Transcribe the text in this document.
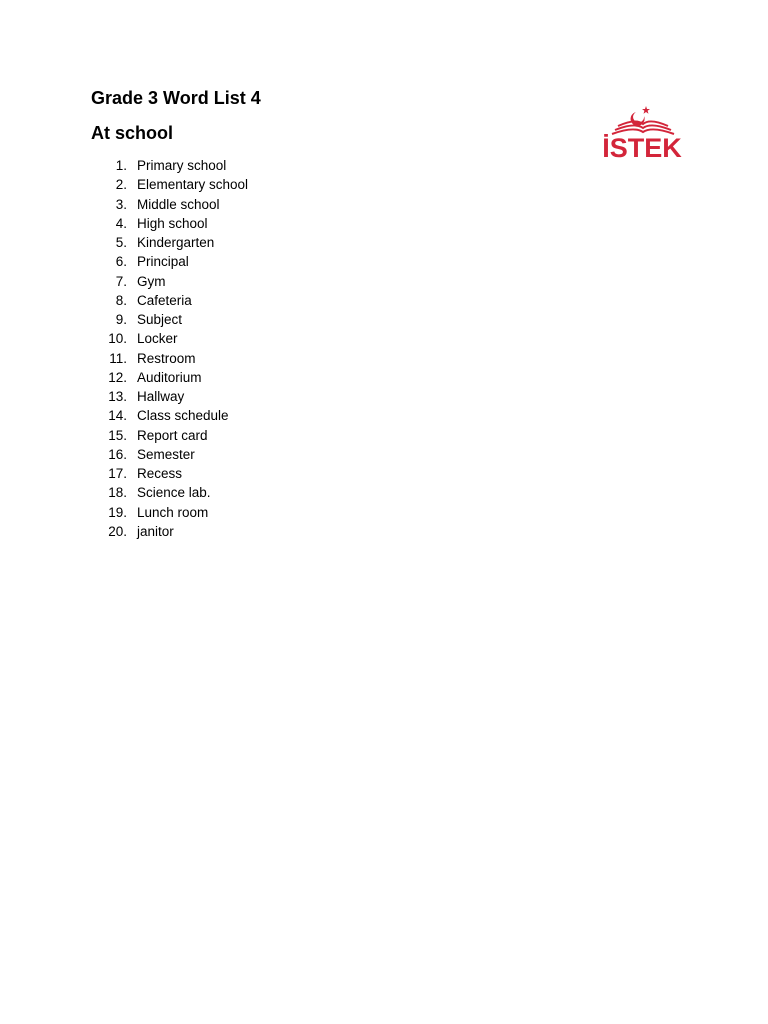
Grade 3 Word List 4
At school
1. Primary school
2. Elementary school
3. Middle school
4. High school
5. Kindergarten
6. Principal
7. Gym
8. Cafeteria
9. Subject
10. Locker
11. Restroom
12. Auditorium
13. Hallway
14. Class schedule
15. Report card
16. Semester
17. Recess
18. Science lab.
19. Lunch room
20. janitor
İSTEK
